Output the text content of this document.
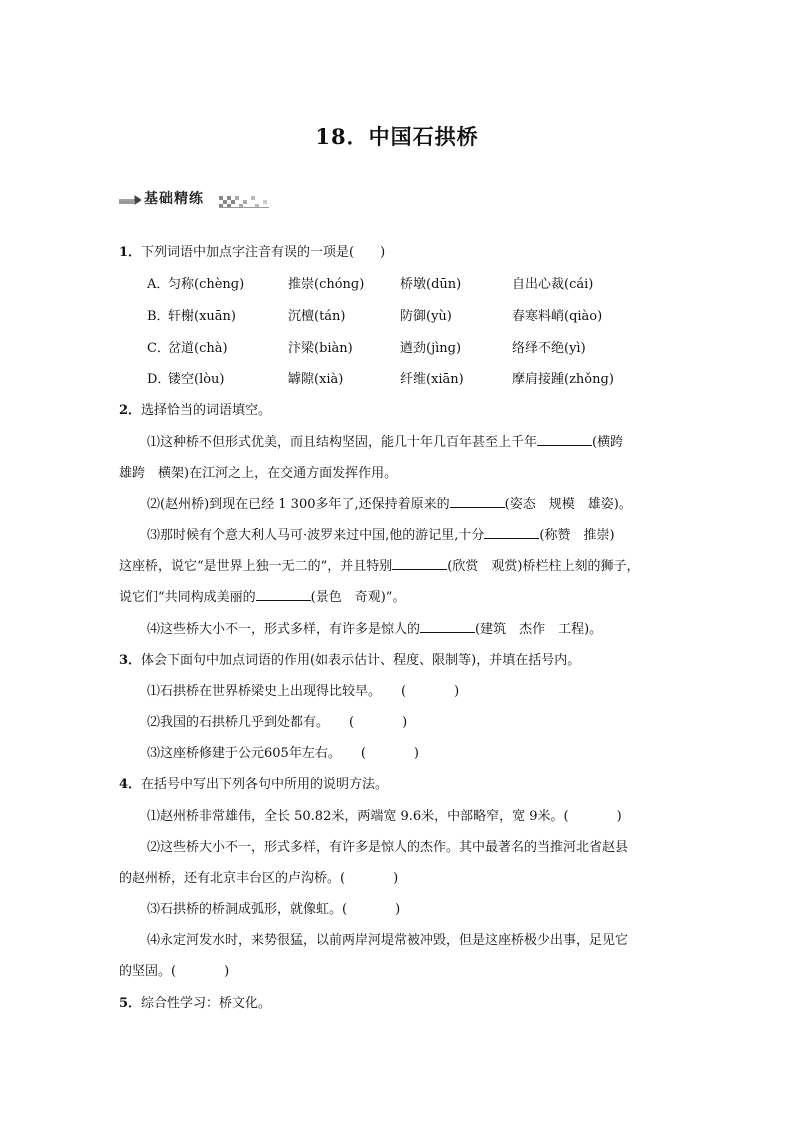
18．中国石拱桥
基础精练
1．下列词语中加点字注音有误的一项是(　　)
A．
匀称(chènɡ)	推崇(chónɡ)	桥墩(dūn)	自出心裁(cái)
B．
轩榭(xuān)	沉檀(tán)	防御(yù)	春寒料峭(qiào)
C．
岔道(chà)	汴梁(biàn)	遒劲(jìnɡ)	络绎不绝(yì)
D．
镂空(lòu)	罅隙(xià)	纤维(xiān)	摩肩接踵(zhǒnɡ)
2．选择恰当的词语填空。
⑴这种桥不但形式优美，而且结构坚固，能几十年几百年甚至上千年	(横跨
雄跨　横架)在江河之上，在交通方面发挥作用。
⑵(赵州桥)到现在已经 1 300多年了,还保持着原来的	(姿态　规模　雄姿)。
⑶那时候有个意大利人马可·波罗来过中国,他的游记里,十分	(称赞　推崇)
这座桥，说它“是世界上独一无二的”，并且特别	(欣赏　观赏)桥栏柱上刻的狮子，
说它们“共同构成美丽的	(景色　奇观)”。
⑷这些桥大小不一，形式多样，有许多是惊人的	(建筑　杰作　工程)。
3．体会下面句中加点词语的作用(如表示估计、程度、限制等)，并填在括号内。
⑴石拱桥在世界桥梁史上出现得比较早。 (	)
⑵我国的石拱桥几乎到处都有。 (	)
⑶这座桥修建于公元605年左右。 (	)
4．在括号中写出下列各句中所用的说明方法。
⑴赵州桥非常雄伟，全长 50.82米，两端宽 9.6米，中部略窄，宽 9米。(	)
⑵这些桥大小不一，形式多样，有许多是惊人的杰作。其中最著名的当推河北省赵县
的赵州桥，还有北京丰台区的卢沟桥。(	)
⑶石拱桥的桥洞成弧形，就像虹。(	)
⑷永定河发水时，来势很猛，以前两岸河堤常被冲毁，但是这座桥极少出事，足见它
的坚固。(	)
5．综合性学习：桥文化。
